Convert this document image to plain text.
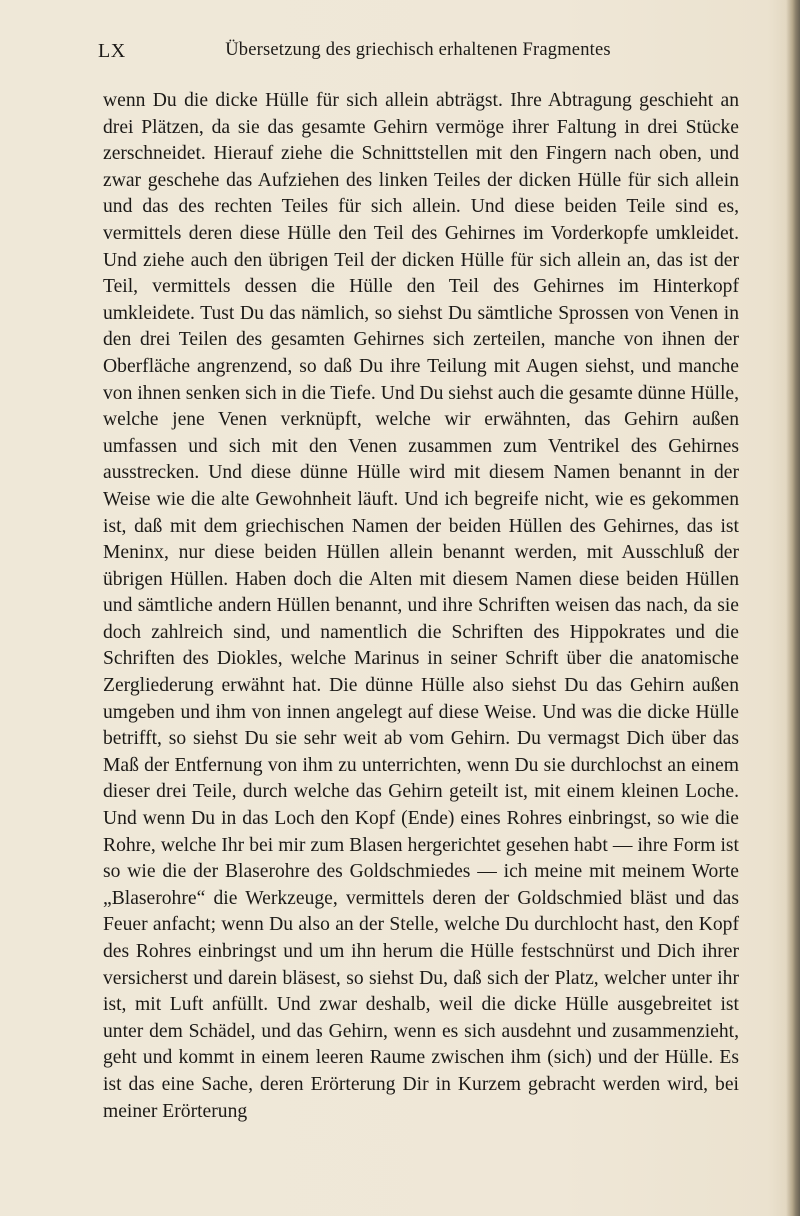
LX	Übersetzung des griechisch erhaltenen Fragmentes

wenn Du die dicke Hülle für sich allein abträgst. Ihre Abtragung geschieht an drei Plätzen, da sie das gesamte Gehirn vermöge ihrer Faltung in drei Stücke zerschneidet. Hierauf ziehe die Schnittstellen mit den Fingern nach oben, und zwar geschehe das Aufziehen des linken Teiles der dicken Hülle für sich allein und das des rechten Teiles für sich allein. Und diese beiden Teile sind es, vermittels deren diese Hülle den Teil des Gehirnes im Vorderkopfe umkleidet. Und ziehe auch den übrigen Teil der dicken Hülle für sich allein an, das ist der Teil, vermittels dessen die Hülle den Teil des Gehirnes im Hinterkopf umkleidete. Tust Du das nämlich, so siehst Du sämtliche Sprossen von Venen in den drei Teilen des gesamten Gehirnes sich zerteilen, manche von ihnen der Oberfläche angrenzend, so daß Du ihre Teilung mit Augen siehst, und manche von ihnen senken sich in die Tiefe. Und Du siehst auch die gesamte dünne Hülle, welche jene Venen verknüpft, welche wir erwähnten, das Gehirn außen umfassen und sich mit den Venen zusammen zum Ventrikel des Gehirnes ausstrecken. Und diese dünne Hülle wird mit diesem Namen benannt in der Weise wie die alte Gewohnheit läuft. Und ich begreife nicht, wie es gekommen ist, daß mit dem griechischen Namen der beiden Hüllen des Gehirnes, das ist Meninx, nur diese beiden Hüllen allein benannt werden, mit Ausschluß der übrigen Hüllen. Haben doch die Alten mit diesem Namen diese beiden Hüllen und sämtliche andern Hüllen benannt, und ihre Schriften weisen das nach, da sie doch zahlreich sind, und namentlich die Schriften des Hippokrates und die Schriften des Diokles, welche Marinus in seiner Schrift über die anatomische Zergliederung erwähnt hat. Die dünne Hülle also siehst Du das Gehirn außen umgeben und ihm von innen angelegt auf diese Weise. Und was die dicke Hülle betrifft, so siehst Du sie sehr weit ab vom Gehirn. Du vermagst Dich über das Maß der Entfernung von ihm zu unterrichten, wenn Du sie durchlochst an einem dieser drei Teile, durch welche das Gehirn geteilt ist, mit einem kleinen Loche. Und wenn Du in das Loch den Kopf (Ende) eines Rohres einbringst, so wie die Rohre, welche Ihr bei mir zum Blasen hergerichtet gesehen habt — ihre Form ist so wie die der Blaserohre des Goldschmiedes — ich meine mit meinem Worte „Blaserohre“ die Werkzeuge, vermittels deren der Goldschmied bläst und das Feuer anfacht; wenn Du also an der Stelle, welche Du durchlocht hast, den Kopf des Rohres einbringst und um ihn herum die Hülle festschnürst und Dich ihrer versicherst und darein bläsest, so siehst Du, daß sich der Platz, welcher unter ihr ist, mit Luft anfüllt. Und zwar deshalb, weil die dicke Hülle ausgebreitet ist unter dem Schädel, und das Gehirn, wenn es sich ausdehnt und zusammenzieht, geht und kommt in einem leeren Raume zwischen ihm (sich) und der Hülle. Es ist das eine Sache, deren Erörterung Dir in Kurzem gebracht werden wird, bei meiner Erörterung
